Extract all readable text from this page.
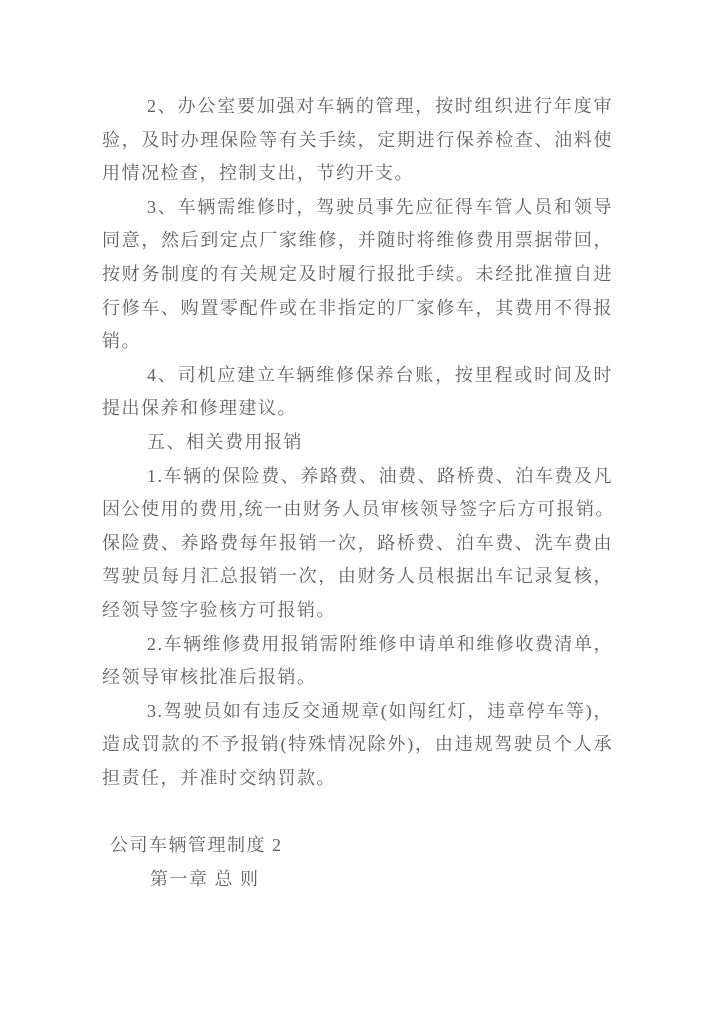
2、办公室要加强对车辆的管理，按时组织进行年度审
验，及时办理保险等有关手续，定期进行保养检查、油料使
用情况检查，控制支出，节约开支。
3、车辆需维修时，驾驶员事先应征得车管人员和领导
同意，然后到定点厂家维修，并随时将维修费用票据带回，
按财务制度的有关规定及时履行报批手续。未经批准擅自进
行修车、购置零配件或在非指定的厂家修车，其费用不得报
销。
4、司机应建立车辆维修保养台账，按里程或时间及时
提出保养和修理建议。
五、相关费用报销
1.车辆的保险费、养路费、油费、路桥费、泊车费及凡
因公使用的费用,统一由财务人员审核领导签字后方可报销。
保险费、养路费每年报销一次，路桥费、泊车费、洗车费由
驾驶员每月汇总报销一次，由财务人员根据出车记录复核，
经领导签字验核方可报销。
2.车辆维修费用报销需附维修申请单和维修收费清单，
经领导审核批准后报销。
3.驾驶员如有违反交通规章(如闯红灯，违章停车等)，
造成罚款的不予报销(特殊情况除外)，由违规驾驶员个人承
担责任，并准时交纳罚款。
公司车辆管理制度 2
第一章 总 则
